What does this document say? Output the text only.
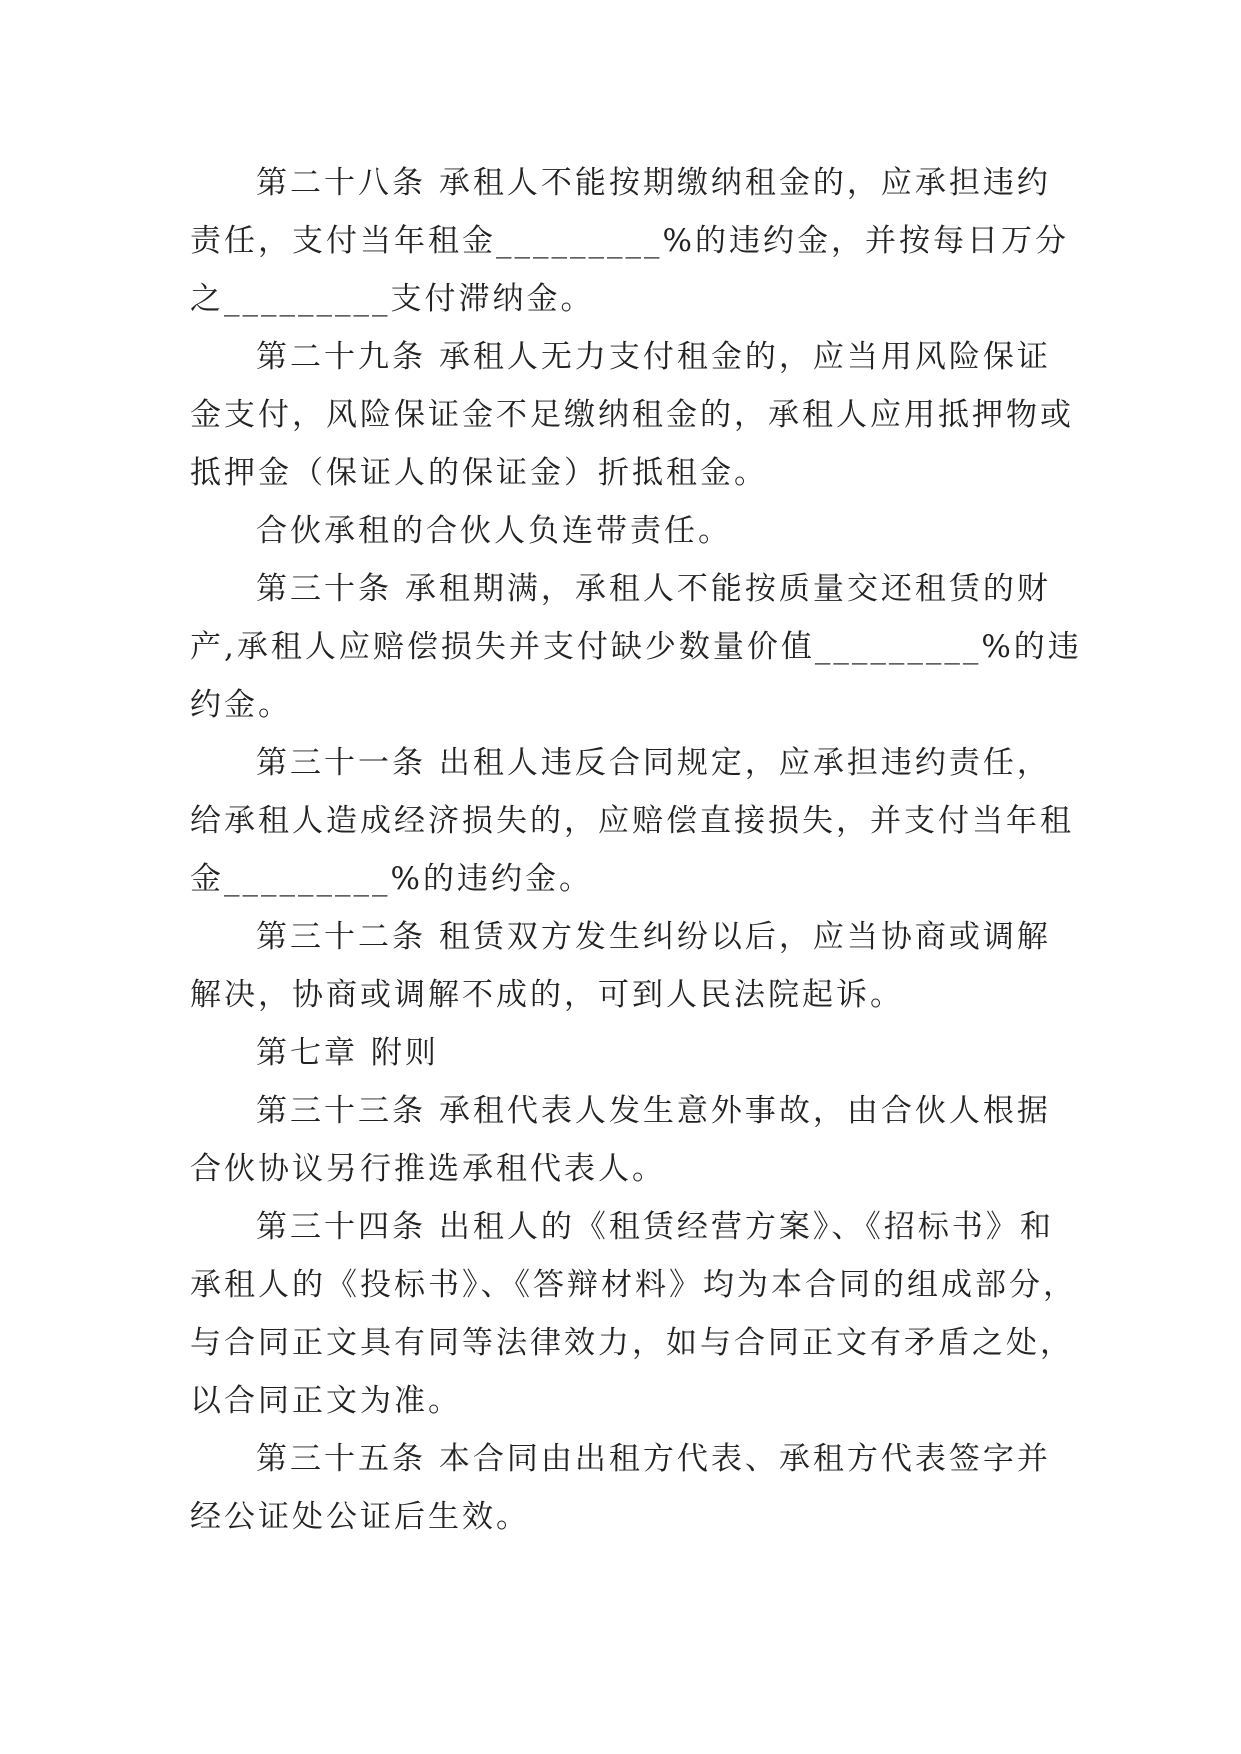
第二十八条 承租人不能按期缴纳租金的，应承担违约
责任，支付当年租金_________%的违约金，并按每日万分
之_________支付滞纳金。
第二十九条 承租人无力支付租金的，应当用风险保证
金支付，风险保证金不足缴纳租金的，承租人应用抵押物或
抵押金（保证人的保证金）折抵租金。
合伙承租的合伙人负连带责任。
第三十条 承租期满，承租人不能按质量交还租赁的财
产,承租人应赔偿损失并支付缺少数量价值_________%的违
约金。
第三十一条 出租人违反合同规定，应承担违约责任，
给承租人造成经济损失的，应赔偿直接损失，并支付当年租
金_________%的违约金。
第三十二条 租赁双方发生纠纷以后，应当协商或调解
解决，协商或调解不成的，可到人民法院起诉。
第七章 附则
第三十三条 承租代表人发生意外事故，由合伙人根据
合伙协议另行推选承租代表人。
第三十四条 出租人的《租赁经营方案》、《招标书》和
承租人的《投标书》、《答辩材料》均为本合同的组成部分，
与合同正文具有同等法律效力，如与合同正文有矛盾之处，
以合同正文为准。
第三十五条 本合同由出租方代表、承租方代表签字并
经公证处公证后生效。
